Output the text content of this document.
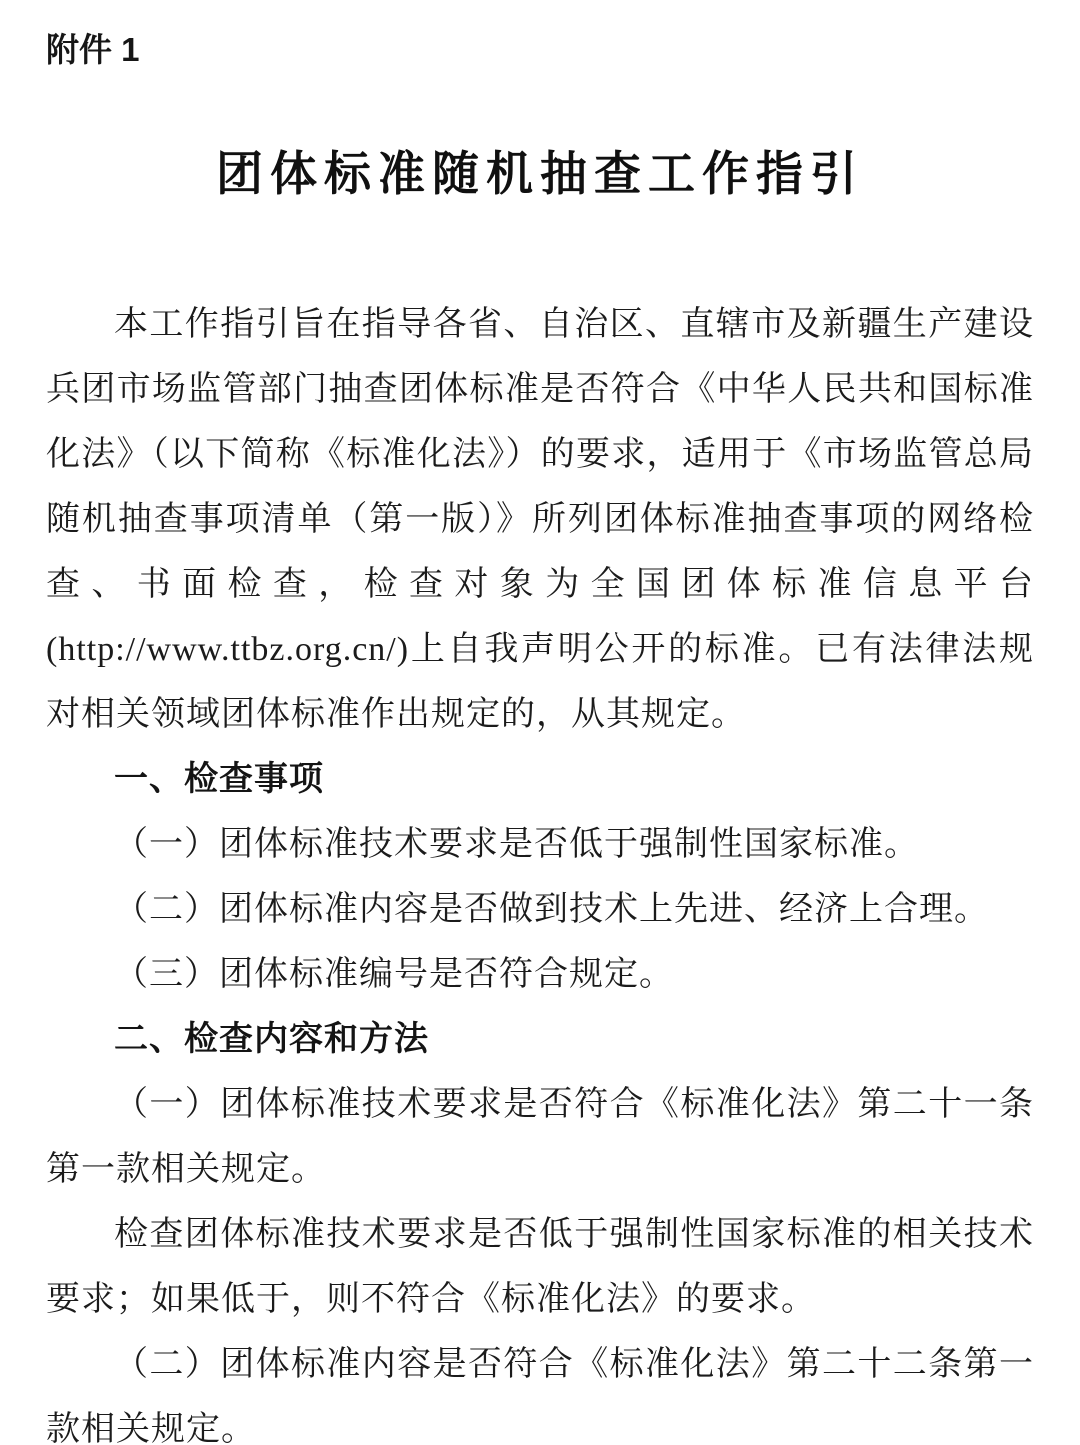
附件 1
团体标准随机抽查工作指引

本工作指引旨在指导各省、自治区、直辖市及新疆生产建设兵团市场监管部门抽查团体标准是否符合《中华人民共和国标准化法》（以下简称《标准化法》）的要求，适用于《市场监管总局随机抽查事项清单（第一版）》所列团体标准抽查事项的网络检查、书面检查，检查对象为全国团体标准信息平台(http://www.ttbz.org.cn/)上自我声明公开的标准。已有法律法规对相关领域团体标准作出规定的，从其规定。

一、检查事项

（一）团体标准技术要求是否低于强制性国家标准。

（二）团体标准内容是否做到技术上先进、经济上合理。

（三）团体标准编号是否符合规定。

二、检查内容和方法

（一）团体标准技术要求是否符合《标准化法》第二十一条第一款相关规定。

检查团体标准技术要求是否低于强制性国家标准的相关技术要求；如果低于，则不符合《标准化法》的要求。

（二）团体标准内容是否符合《标准化法》第二十二条第一款相关规定。
